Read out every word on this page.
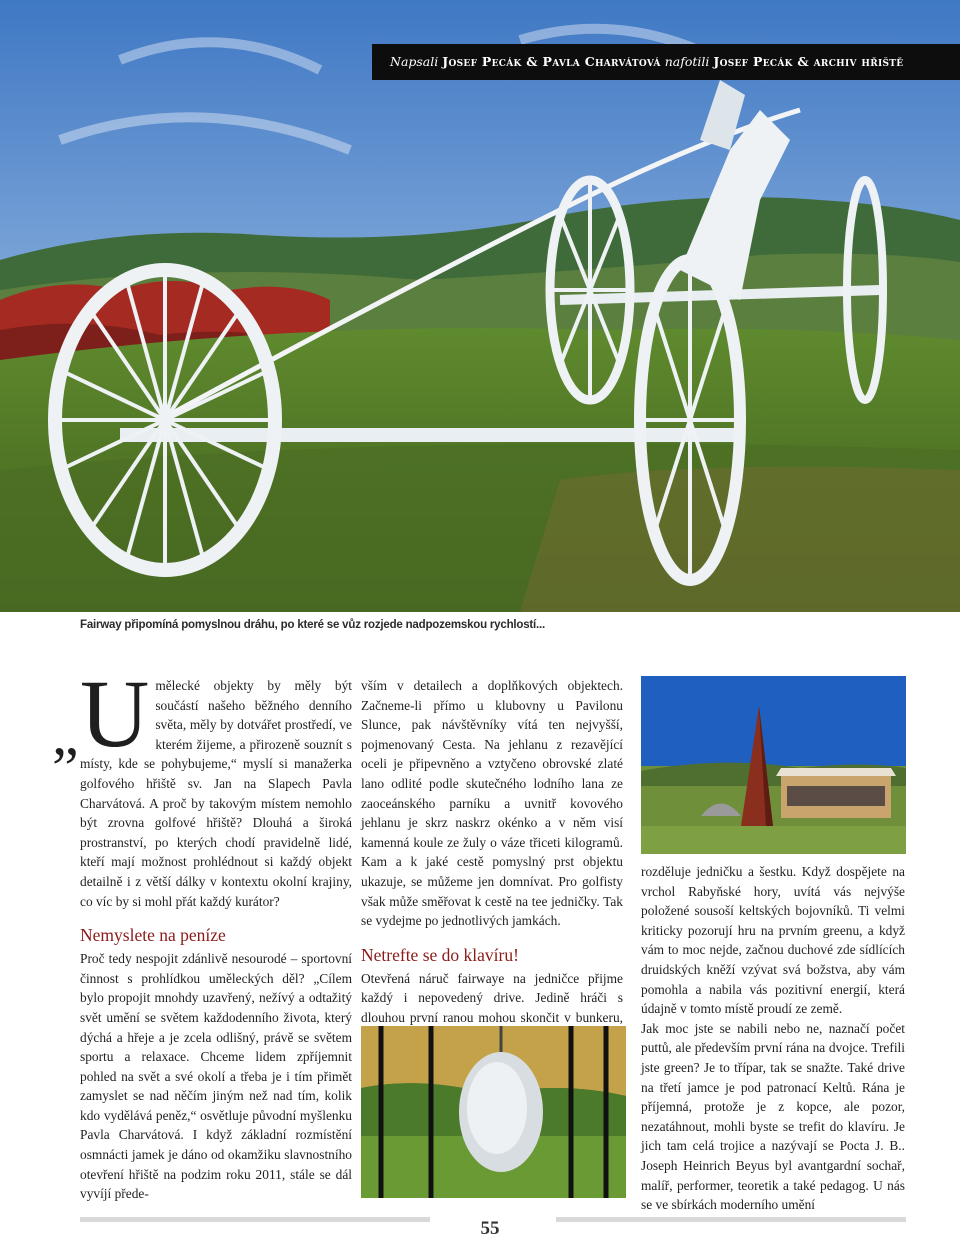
Napsali Josef Pecák & Pavla Charvátová nafotili Josef Pecák & archiv hřiště
Fairway připomíná pomyslnou dráhu, po které se vůz rozjede nadpozemskou rychlostí...
„ Umělecké objekty by měly být součástí našeho běžného denního světa, měly by dotvářet prostředí, ve kterém žijeme, a přirozeně souznít s místy, kde se pohybujeme,“ myslí si manažerka golfového hřiště sv. Jan na Slapech Pavla Charvátová. A proč by takovým místem nemohlo být zrovna golfové hřiště? Dlouhá a široká prostranství, po kterých chodí pravidelně lidé, kteří mají možnost prohlédnout si každý objekt detailně i z větší dálky v kontextu okolní krajiny, co víc by si mohl přát každý kurátor?

Nemyslete na peníze

Proč tedy nespojit zdánlivě nesourodé – sportovní činnost s prohlídkou uměleckých děl? „Cílem bylo propojit mnohdy uzavřený, nežívý a odtažitý svět umění se světem každodenního života, který dýchá a hřeje a je zcela odlišný, právě se světem sportu a relaxace. Chceme lidem zpříjemnit pohled na svět a své okolí a třeba je i tím přimět zamyslet se nad něčím jiným než nad tím, kolik kdo vydělává peněz,“ osvětluje původní myšlenku Pavla Charvátová. I když základní rozmístění osmnácti jamek je dáno od okamžiku slavnostního otevření hřiště na podzim roku 2011, stále se dál vyvíjí předе-

vším v detailech a doplňkových objektech. Začneme-li přímo u klubovny u Pavilonu Slunce, pak návštěvníky vítá ten nejvyšší, pojmenovaný Cesta. Na jehlanu z rezavějící oceli je připevněno a vztyčeno obrovské zlaté lano odlité podle skutečného lodního lana ze zaoceánského parníku a uvnitř kovového jehlanu je skrz naskrz okénko a v něm visí kamenná koule ze žuly o váze třiceti kilogramů. Kam a k jaké cestě pomyslný prst objektu ukazuje, se můžeme jen domnívat. Pro golfisty však může směřovat k cestě na tee jedničky. Tak se vydejme po jednotlivých jamkách.

Netrefte se do klavíru!

Otevřená náruč fairwaye na jedničce přijme každý i nepovedený drive. Jedině hráči s dlouhou první ranou mohou skončit v bunkeru,

rozděluje jedničku a šestku. Když dospějete na vrchol Rabyňské hory, uvítá vás nejvýše položené sousoší keltských bojovníků. Ti velmi kriticky pozorují hru na prvním greenu, a když vám to moc nejde, začnou duchové zde sídlících druidských kněží vzývat svá božstva, aby vám pomohla a nabila vás pozitivní energií, která údajně v tomto místě proudí ze země.

Jak moc jste se nabili nebo ne, naznačí počet puttů, ale především první rána na dvojce. Trefili jste green? Je to třípar, tak se snažte. Také drive na třetí jamce je pod patronací Keltů. Rána je příjemná, protože je z kopce, ale pozor, nezatáhnout, mohli byste se trefit do klavíru. Je jich tam celá trojice a nazývají se Pocta J. B.. Joseph Heinrich Beyus byl avantgardní sochař, malíř, performer, teoretik a také pedagog. U nás se ve sbírkách moderního umění

55
